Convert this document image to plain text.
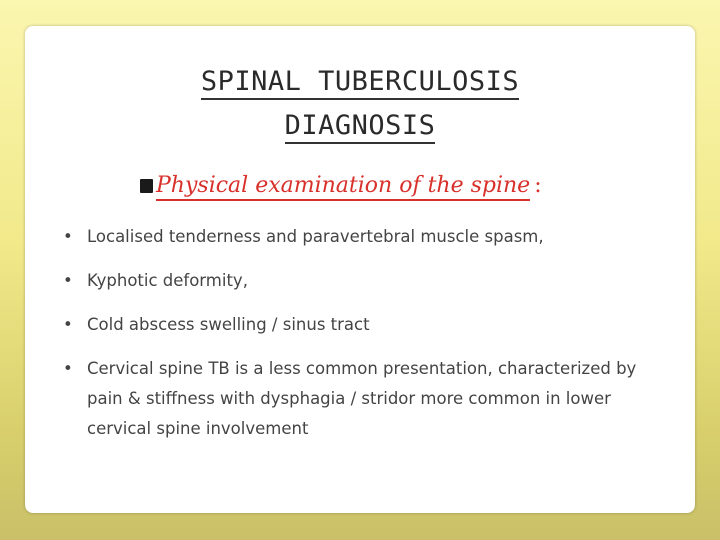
SPINAL TUBERCULOSIS
DIAGNOSIS
Physical examination of the spine :
• Localised tenderness and paravertebral muscle spasm,
• Kyphotic deformity,
• Cold abscess swelling / sinus tract
• Cervical spine TB is a less common presentation, characterized by pain & stiffness with dysphagia / stridor more common in lower cervical spine involvement
